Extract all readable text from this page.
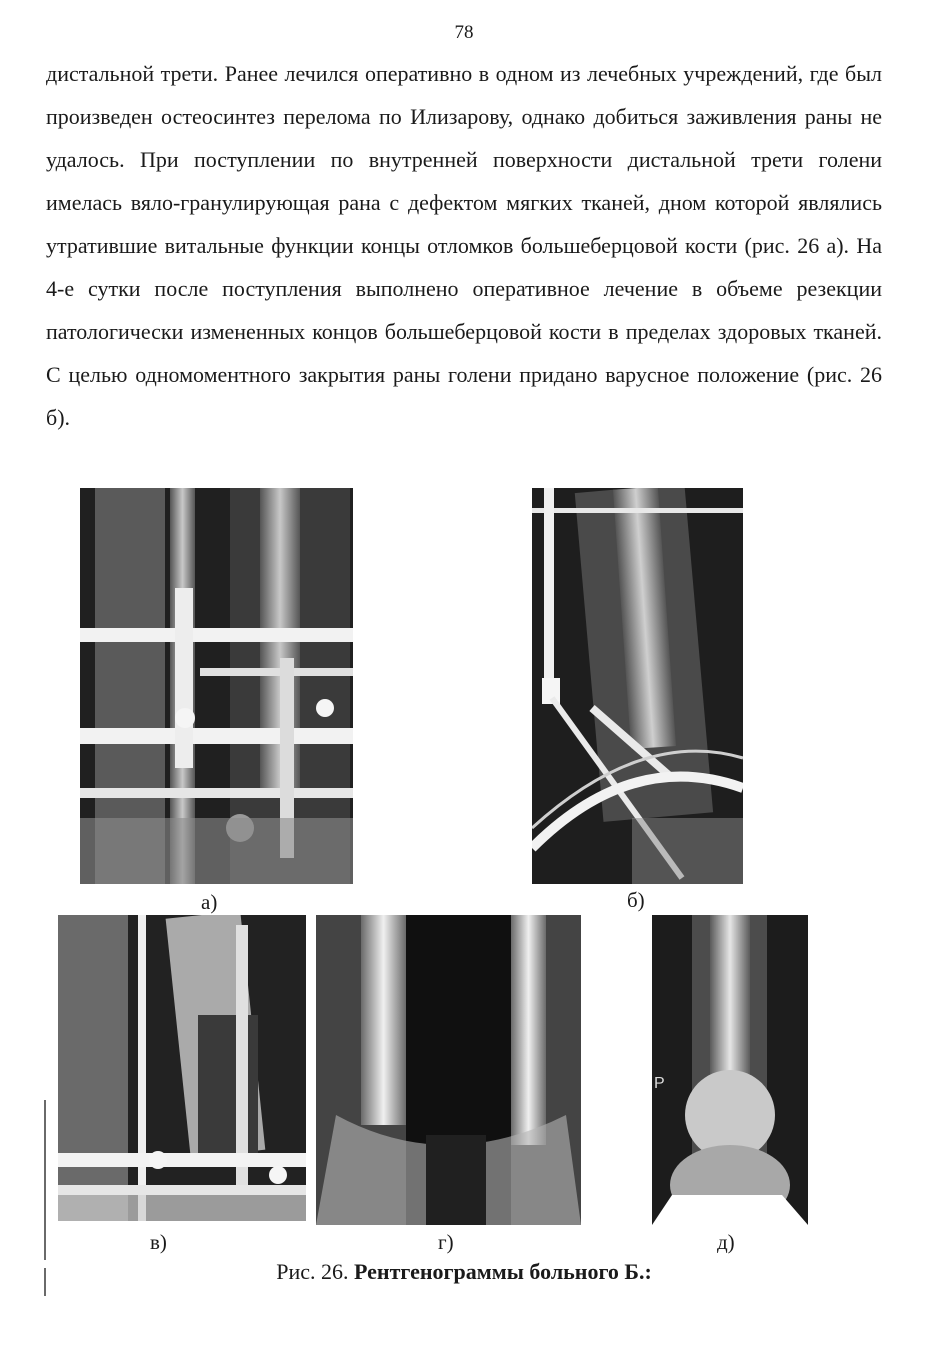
78

дистальной трети. Ранее лечился оперативно в одном из лечебных учреждений, где был произведен остеосинтез перелома по Илизарову, однако добиться заживления раны не удалось. При поступлении по внутренней поверхности дистальной трети голени имелась вяло-гранулирующая рана с дефектом мягких тканей, дном которой являлись утратившие витальные функции концы отломков большеберцовой кости (рис. 26 а). На 4-е сутки после поступления выполнено оперативное лечение в объеме резекции патологически измененных концов большеберцовой кости в пределах здоровых тканей. С целью одномоментного закрытия раны голени придано варусное положение (рис. 26 б).

а)	б)
в)	г)
P
д)
Рис. 26. Рентгенограммы больного Б.:
